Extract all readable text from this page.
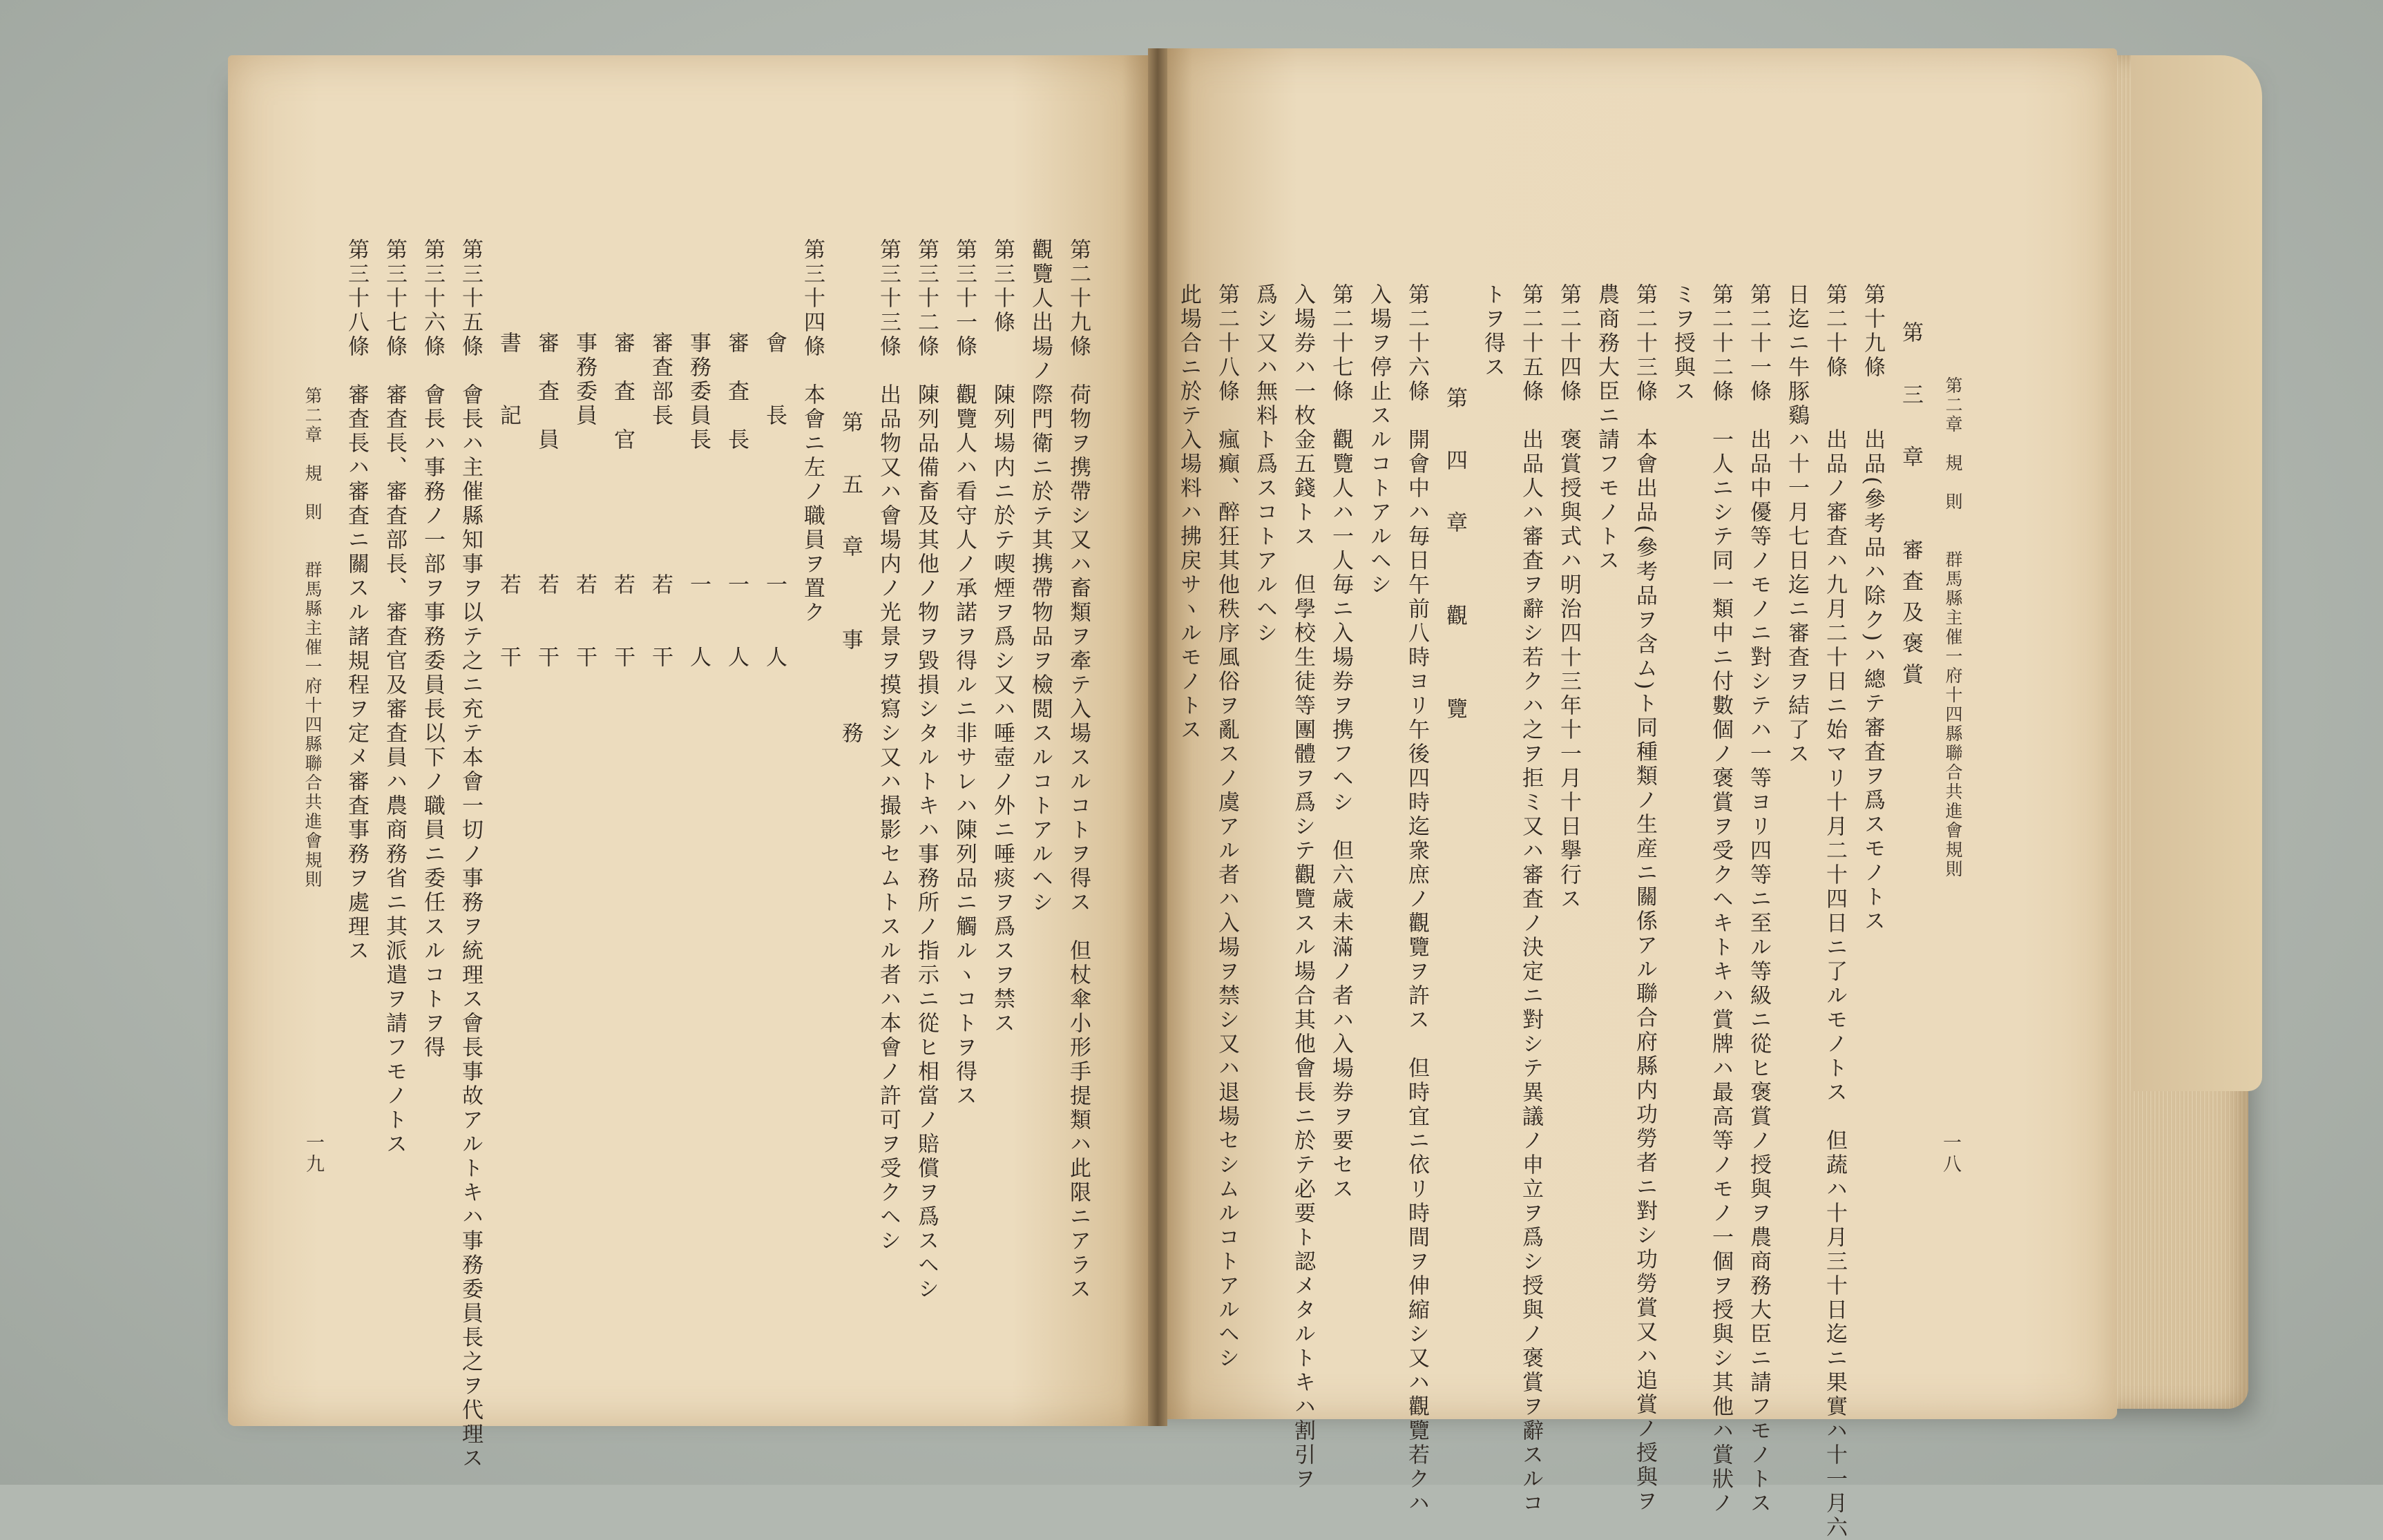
第二章　規　則　　群馬縣主催一府十四縣聯合共進會規則
一八
第　三　章　　審査及褒賞
第十九條　　出品(參考品ハ除ク)ハ總テ審査ヲ爲スモノトス
第二十條　　出品ノ審査ハ九月二十日ニ始マリ十月二十四日ニ了ルモノトス　但蔬ハ十月三十日迄ニ果實ハ十一月六
日迄ニ牛豚鷄ハ十一月七日迄ニ審査ヲ結了ス
第二十一條　出品中優等ノモノニ對シテハ一等ヨリ四等ニ至ル等級ニ從ヒ褒賞ノ授與ヲ農商務大臣ニ請フモノトス
第二十二條　一人ニシテ同一類中ニ付數個ノ褒賞ヲ受クヘキトキハ賞牌ハ最高等ノモノ一個ヲ授與シ其他ハ賞狀ノ
ミヲ授與ス
第二十三條　本會出品(參考品ヲ含ム)ト同種類ノ生産ニ關係アル聯合府縣内功勞者ニ對シ功勞賞又ハ追賞ノ授與ヲ
農商務大臣ニ請フモノトス
第二十四條　褒賞授與式ハ明治四十三年十一月十日擧行ス
第二十五條　出品人ハ審査ヲ辭シ若クハ之ヲ拒ミ又ハ審査ノ決定ニ對シテ異議ノ申立ヲ爲シ授與ノ褒賞ヲ辭スルコ
トヲ得ス
第　四　章　　觀　　覽
第二十六條　開會中ハ毎日午前八時ヨリ午後四時迄衆庶ノ觀覽ヲ許ス　但時宜ニ依リ時間ヲ伸縮シ又ハ觀覽若クハ
入場ヲ停止スルコトアルヘシ
第二十七條　觀覽人ハ一人毎ニ入場券ヲ携フヘシ　但六歳未滿ノ者ハ入場券ヲ要セス
入場券ハ一枚金五錢トス　但學校生徒等團體ヲ爲シテ觀覽スル場合其他會長ニ於テ必要ト認メタルトキハ割引ヲ
爲シ又ハ無料ト爲スコトアルヘシ
第二十八條　瘋癲、醉狂其他秩序風俗ヲ亂スノ虞アル者ハ入場ヲ禁シ又ハ退場セシムルコトアルヘシ
此場合ニ於テ入場料ハ拂戻サヽルモノトス
第二十九條　荷物ヲ携帶シ又ハ畜類ヲ牽テ入場スルコトヲ得ス　但杖傘小形手提類ハ此限ニアラス
觀覽人出場ノ際門衛ニ於テ其携帶物品ヲ檢閲スルコトアルヘシ
第三十條　　陳列場内ニ於テ喫煙ヲ爲シ又ハ唾壺ノ外ニ唾痰ヲ爲スヲ禁ス
第三十一條　觀覽人ハ看守人ノ承諾ヲ得ルニ非サレハ陳列品ニ觸ルヽコトヲ得ス
第三十二條　陳列品備畜及其他ノ物ヲ毀損シタルトキハ事務所ノ指示ニ從ヒ相當ノ賠償ヲ爲スヘシ
第三十三條　出品物又ハ會場内ノ光景ヲ摸寫シ又ハ撮影セムトスル者ハ本會ノ許可ヲ受クヘシ
第　五　章　　事　　務
第三十四條　本會ニ左ノ職員ヲ置ク
會　　長
一　　人
審　査　長
一　　人
事務委員長
一　　人
審査部長
若　　干
審　査　官
若　　干
事務委員
若　　干
審　査　員
若　　干
書　　記
若　　干
第三十五條　會長ハ主催縣知事ヲ以テ之ニ充テ本會一切ノ事務ヲ統理ス會長事故アルトキハ事務委員長之ヲ代理ス
第三十六條　會長ハ事務ノ一部ヲ事務委員長以下ノ職員ニ委任スルコトヲ得
第三十七條　審査長、審査部長、審査官及審査員ハ農商務省ニ其派遣ヲ請フモノトス
第三十八條　審査長ハ審査ニ關スル諸規程ヲ定メ審査事務ヲ處理ス
第二章　規　則　　群馬縣主催一府十四縣聯合共進會規則
一九
